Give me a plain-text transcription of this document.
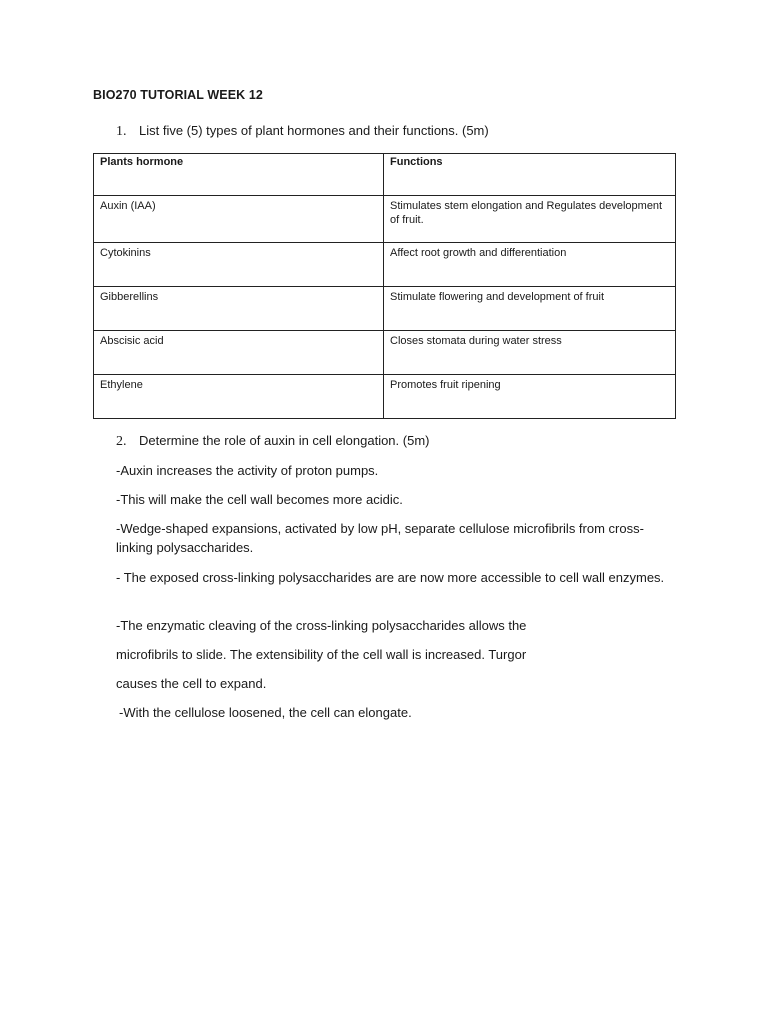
BIO270 TUTORIAL WEEK 12
1. List five (5) types of plant hormones and their functions. (5m)
Plants hormone	Functions
Auxin (IAA)	Stimulates stem elongation and Regulates development of fruit.
Cytokinins	Affect root growth and differentiation
Gibberellins	Stimulate flowering and development of fruit
Abscisic acid	Closes stomata during water stress
Ethylene	Promotes fruit ripening
2. Determine the role of auxin in cell elongation. (5m)
-Auxin increases the activity of proton pumps.
-This will make the cell wall becomes more acidic.
-Wedge-shaped expansions, activated by low pH, separate cellulose microfibrils from cross-linking polysaccharides.
- The exposed cross-linking polysaccharides are are now more accessible to cell wall enzymes.
-The enzymatic cleaving of the cross-linking polysaccharides allows the
microfibrils to slide. The extensibility of the cell wall is increased. Turgor
causes the cell to expand.
-With the cellulose loosened, the cell can elongate.
